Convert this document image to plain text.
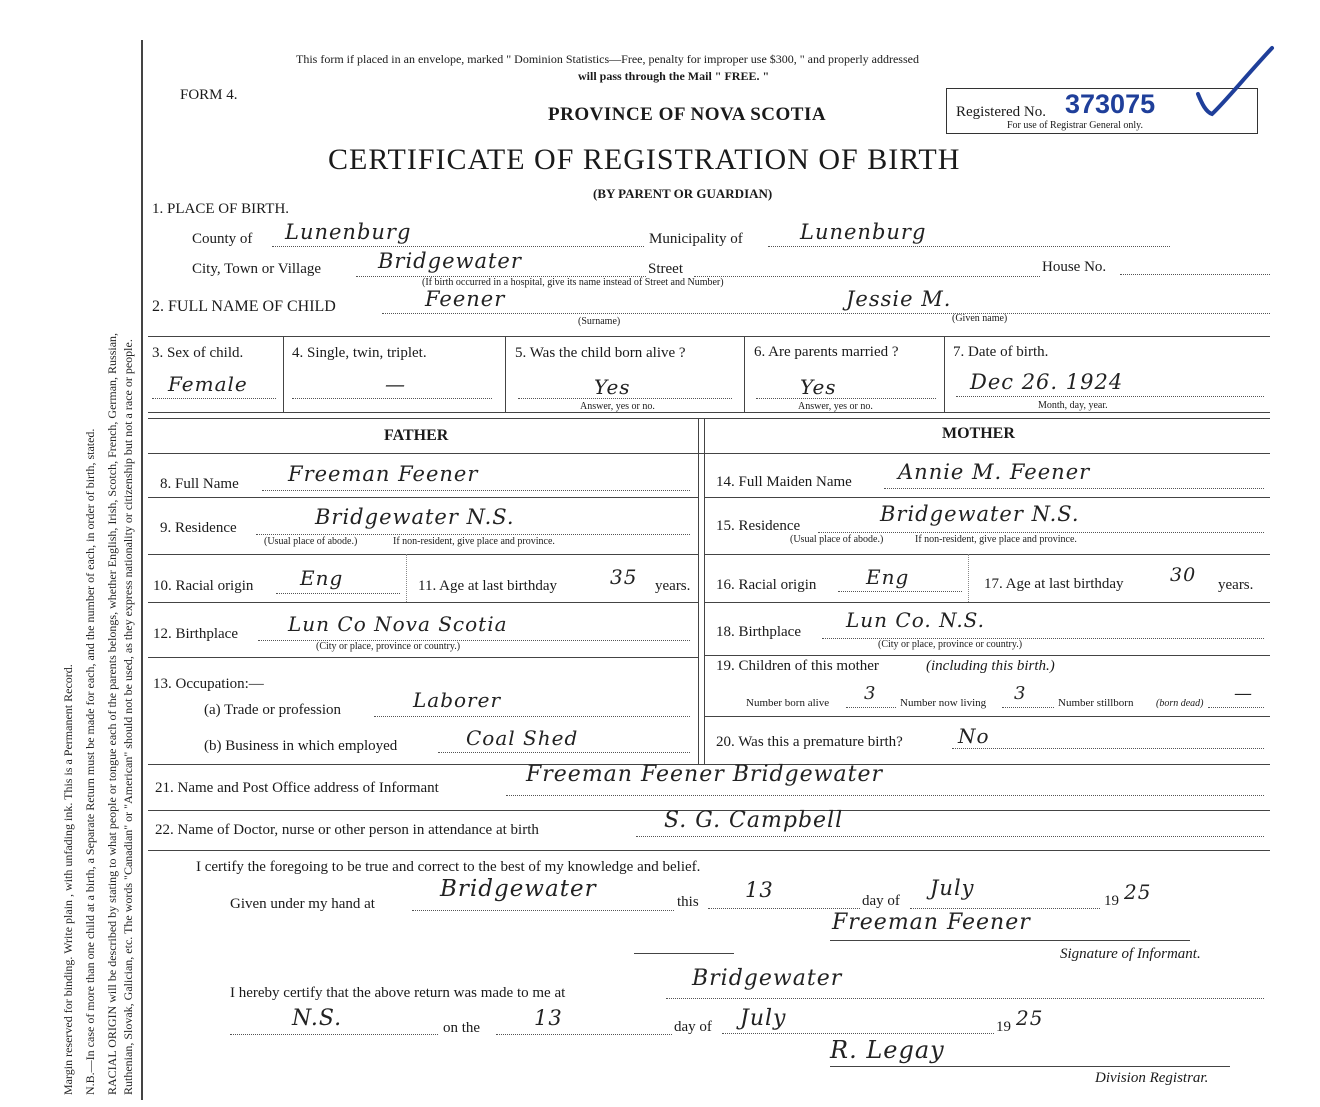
Margin reserved for binding. Write plain , with unfading ink. This is a Permanent Record. N.B.—In case of more than one child at a birth, a Separate Return must be made for each, and the number of each, in order of birth, stated. RACIAL ORIGIN will be described by stating to what people or tongue each of the parents belongs, whether English, Irish, Scotch, French, German, Russian, Ruthenian, Slovak, Galician, etc. The words "Canadian" or "American" should not be used, as they express nationality or citizenship but not a race or people.
This form if placed in an envelope, marked " Dominion Statistics—Free, penalty for improper use $300, " and properly addressed
will pass through the Mail " FREE. "
FORM 4.
PROVINCE OF NOVA SCOTIA	Registered No. 373075
For use of Registrar General only.
CERTIFICATE OF REGISTRATION OF BIRTH
(BY PARENT OR GUARDIAN)
1. PLACE OF BIRTH.
County of Lunenburg	Municipality of	Lunenburg
City, Town or Village	Bridgewater	Street	House No.
(If birth occurred in a hospital, give its name instead of Street and Number)
2. FULL NAME OF CHILD	Feener	Jessie M.
(Surname)	(Given name)
3. Sex of child.
Female
4. Single, twin, triplet.
—
5. Was the child born alive ?
Yes
Answer, yes or no.
6. Are parents married ?
Yes
Answer, yes or no.
7. Date of birth.
Dec 26. 1924
Month, day, year.
FATHER	MOTHER
8. Full Name Freeman Feener
9. Residence	Bridgewater N.S.
(Usual place of abode.)	If non-resident, give place and province.
10. Racial origin Eng	11. Age at last birthday	35 years.
12. Birthplace	Lun Co Nova Scotia
(City or place, province or country.)
13. Occupation:—
(a) Trade or profession	Laborer
(b) Business in which employed	Coal Shed
14. Full Maiden Name Annie M. Feener
15. Residence	Bridgewater N.S.
(Usual place of abode.)	If non-resident, give place and province.
16. Racial origin Eng	17. Age at last birthday 30 years.
18. Birthplace Lun Co. N.S.
(City or place, province or country.)
19. Children of this mother	(including this birth.)
Number born alive 3 Number now living 3	Number stillborn (born dead) —
20. Was this a premature birth?	No
21. Name and Post Office address of Informant
Freeman Feener Bridgewater
22. Name of Doctor, nurse or other person in attendance at birth	S. G. Campbell
I certify the foregoing to be true and correct to the best of my knowledge and belief.
Given under my hand at
Bridgewater	this 13	day of
July
19 25
Freeman Feener
Signature of Informant.
I hereby certify that the above return was made to me at
Bridgewater
N.S.	on the	13	day of July	19 25
R. Legay
Division Registrar.
